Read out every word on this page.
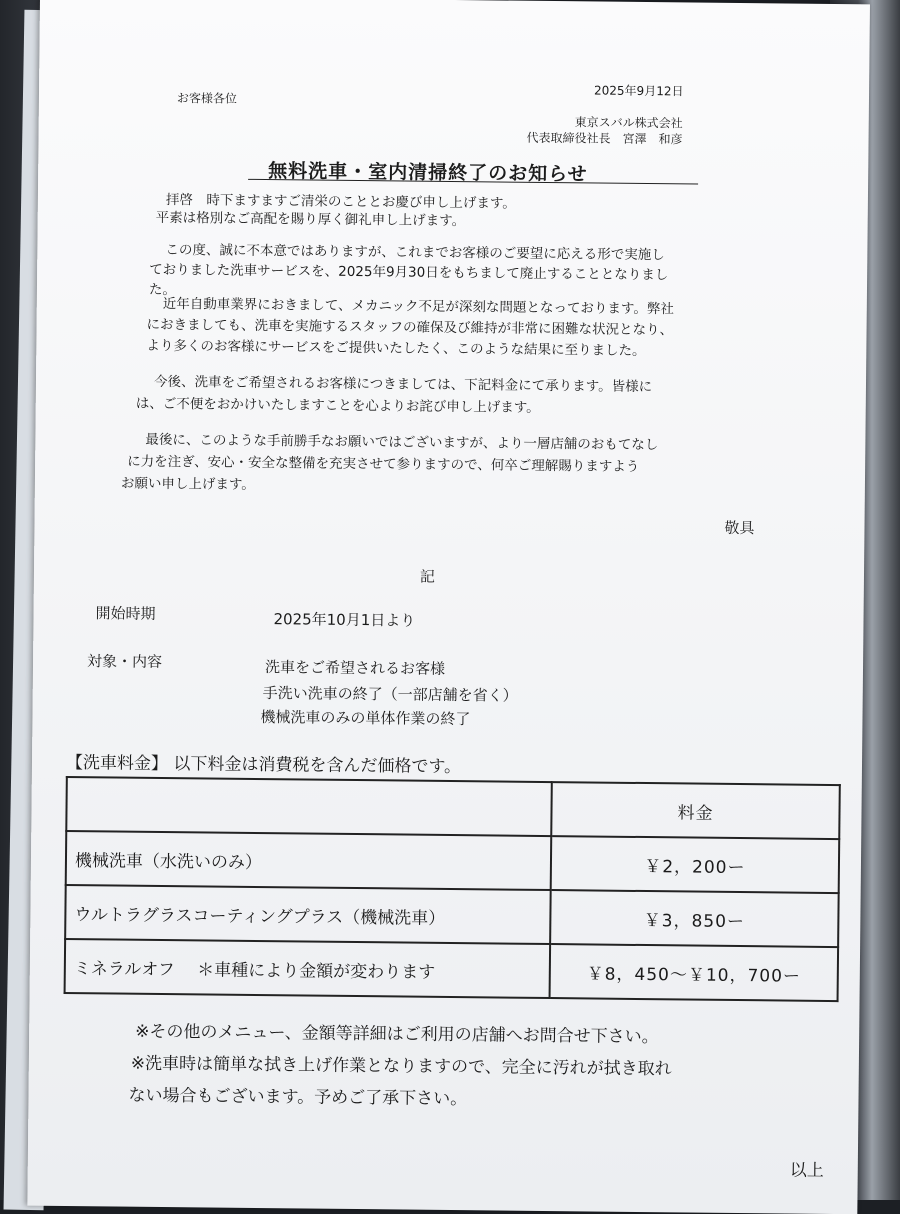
2025年9月12日
お客様各位
東京スバル株式会社
代表取締役社長　宮澤　和彦
無料洗車・室内清掃終了のお知らせ
拝啓　時下ますますご清栄のこととお慶び申し上げます。
平素は格別なご高配を賜り厚く御礼申し上げます。
この度、誠に不本意ではありますが、これまでお客様のご要望に応える形で実施し
ておりました洗車サービスを、2025年9月30日をもちまして廃止することとなりまし
た。
近年自動車業界におきまして、メカニック不足が深刻な問題となっております。弊社
におきましても、洗車を実施するスタッフの確保及び維持が非常に困難な状況となり、
より多くのお客様にサービスをご提供いたしたく、このような結果に至りました。
今後、洗車をご希望されるお客様につきましては、下記料金にて承ります。皆様に
は、ご不便をおかけいたしますことを心よりお詫び申し上げます。
最後に、このような手前勝手なお願いではございますが、より一層店舗のおもてなし
に力を注ぎ、安心・安全な整備を充実させて参りますので、何卒ご理解賜りますよう
お願い申し上げます。
敬具
記
開始時期	2025年10月1日より
対象・内容	洗車をご希望されるお客様
手洗い洗車の終了（一部店舗を省く）
機械洗車のみの単体作業の終了
【洗車料金】 以下料金は消費税を含んだ価格です。
	料金
機械洗車（水洗いのみ）	￥2，200ー
ウルトラグラスコーティングプラス（機械洗車）	￥3，850ー
ミネラルオフ　 ＊車種により金額が変わります	￥8，450～￥10，700ー
※その他のメニュー、金額等詳細はご利用の店舗へお問合せ下さい。
※洗車時は簡単な拭き上げ作業となりますので、完全に汚れが拭き取れ
ない場合もございます。予めご了承下さい。
以上
